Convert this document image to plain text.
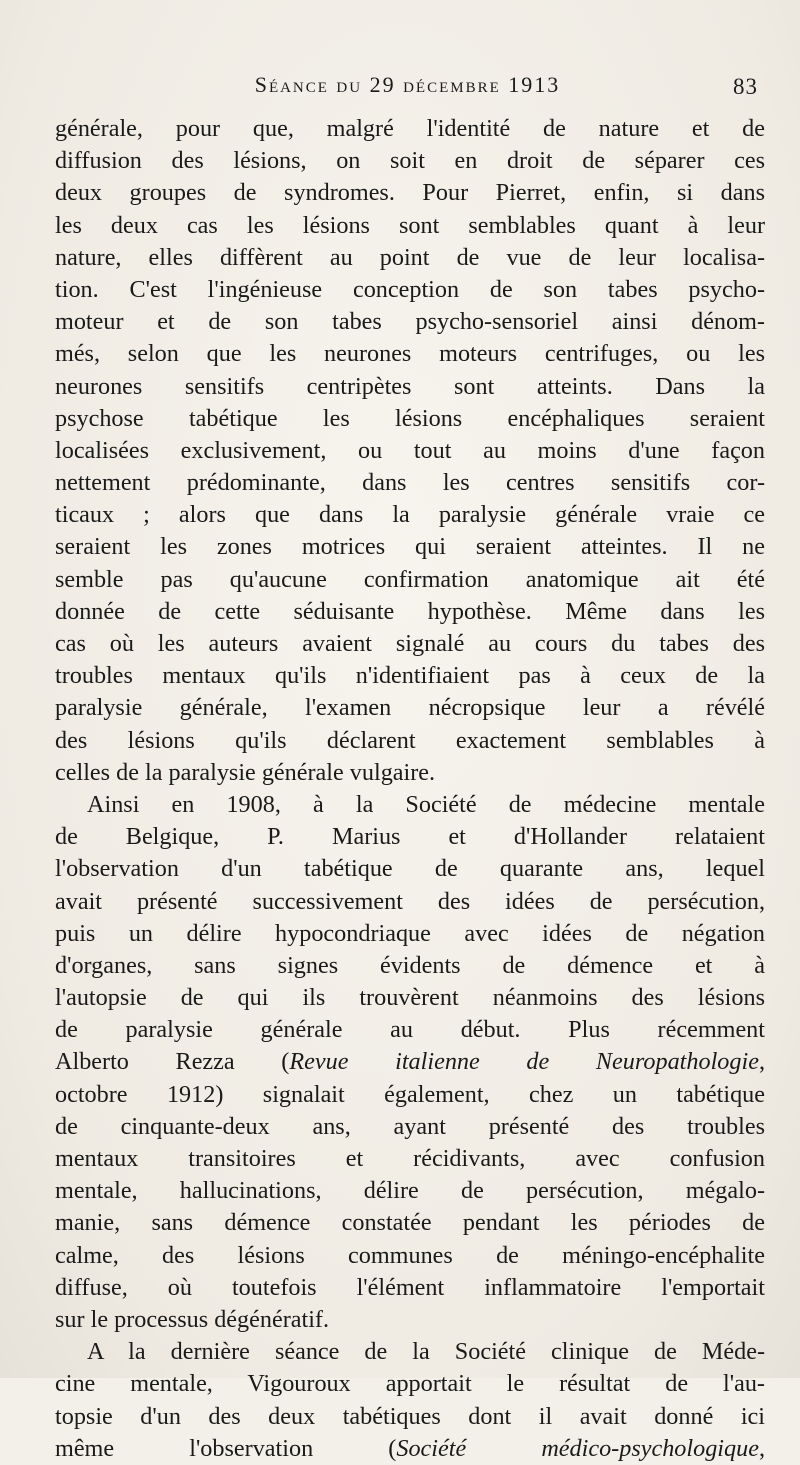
Séance du 29 décembre 1913	83
générale, pour que, malgré l'identité de nature et de
diffusion des lésions, on soit en droit de séparer ces
deux groupes de syndromes. Pour Pierret, enfin, si dans
les deux cas les lésions sont semblables quant à leur
nature, elles diffèrent au point de vue de leur localisa-
tion. C'est l'ingénieuse conception de son tabes psycho-
moteur et de son tabes psycho-sensoriel ainsi dénom-
més, selon que les neurones moteurs centrifuges, ou les
neurones sensitifs centripètes sont atteints. Dans la
psychose tabétique les lésions encéphaliques seraient
localisées exclusivement, ou tout au moins d'une façon
nettement prédominante, dans les centres sensitifs cor-
ticaux ; alors que dans la paralysie générale vraie ce
seraient les zones motrices qui seraient atteintes. Il ne
semble pas qu'aucune confirmation anatomique ait été
donnée de cette séduisante hypothèse. Même dans les
cas où les auteurs avaient signalé au cours du tabes des
troubles mentaux qu'ils n'identifiaient pas à ceux de la
paralysie générale, l'examen nécropsique leur a révélé
des lésions qu'ils déclarent exactement semblables à
celles de la paralysie générale vulgaire.
Ainsi en 1908, à la Société de médecine mentale
de Belgique, P. Marius et d'Hollander relataient
l'observation d'un tabétique de quarante ans, lequel
avait présenté successivement des idées de persécution,
puis un délire hypocondriaque avec idées de négation
d'organes, sans signes évidents de démence et à
l'autopsie de qui ils trouvèrent néanmoins des lésions
de paralysie générale au début. Plus récemment
Alberto Rezza (Revue italienne de Neuropathologie,
octobre 1912) signalait également, chez un tabétique
de cinquante-deux ans, ayant présenté des troubles
mentaux transitoires et récidivants, avec confusion
mentale, hallucinations, délire de persécution, mégalo-
manie, sans démence constatée pendant les périodes de
calme, des lésions communes de méningo-encéphalite
diffuse, où toutefois l'élément inflammatoire l'emportait
sur le processus dégénératif.
A la dernière séance de la Société clinique de Méde-
cine mentale, Vigouroux apportait le résultat de l'au-
topsie d'un des deux tabétiques dont il avait donné ici
même l'observation (Société médico-psychologique,
